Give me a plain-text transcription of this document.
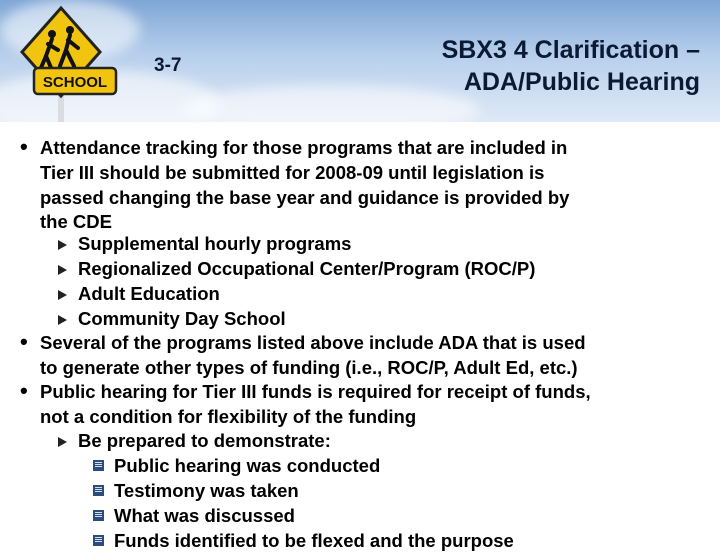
SCHOOL
3-7
SBX3 4 Clarification –
ADA/Public Hearing
• Attendance tracking for those programs that are included in
Tier III should be submitted for 2008-09 until legislation is
passed changing the base year and guidance is provided by
the CDE
Supplemental hourly programs
Regionalized Occupational Center/Program (ROC/P)
Adult Education
Community Day School
• Several of the programs listed above include ADA that is used
to generate other types of funding (i.e., ROC/P, Adult Ed, etc.)
• Public hearing for Tier III funds is required for receipt of funds,
not a condition for flexibility of the funding
Be prepared to demonstrate:
Public hearing was conducted
Testimony was taken
What was discussed
Funds identified to be flexed and the purpose
